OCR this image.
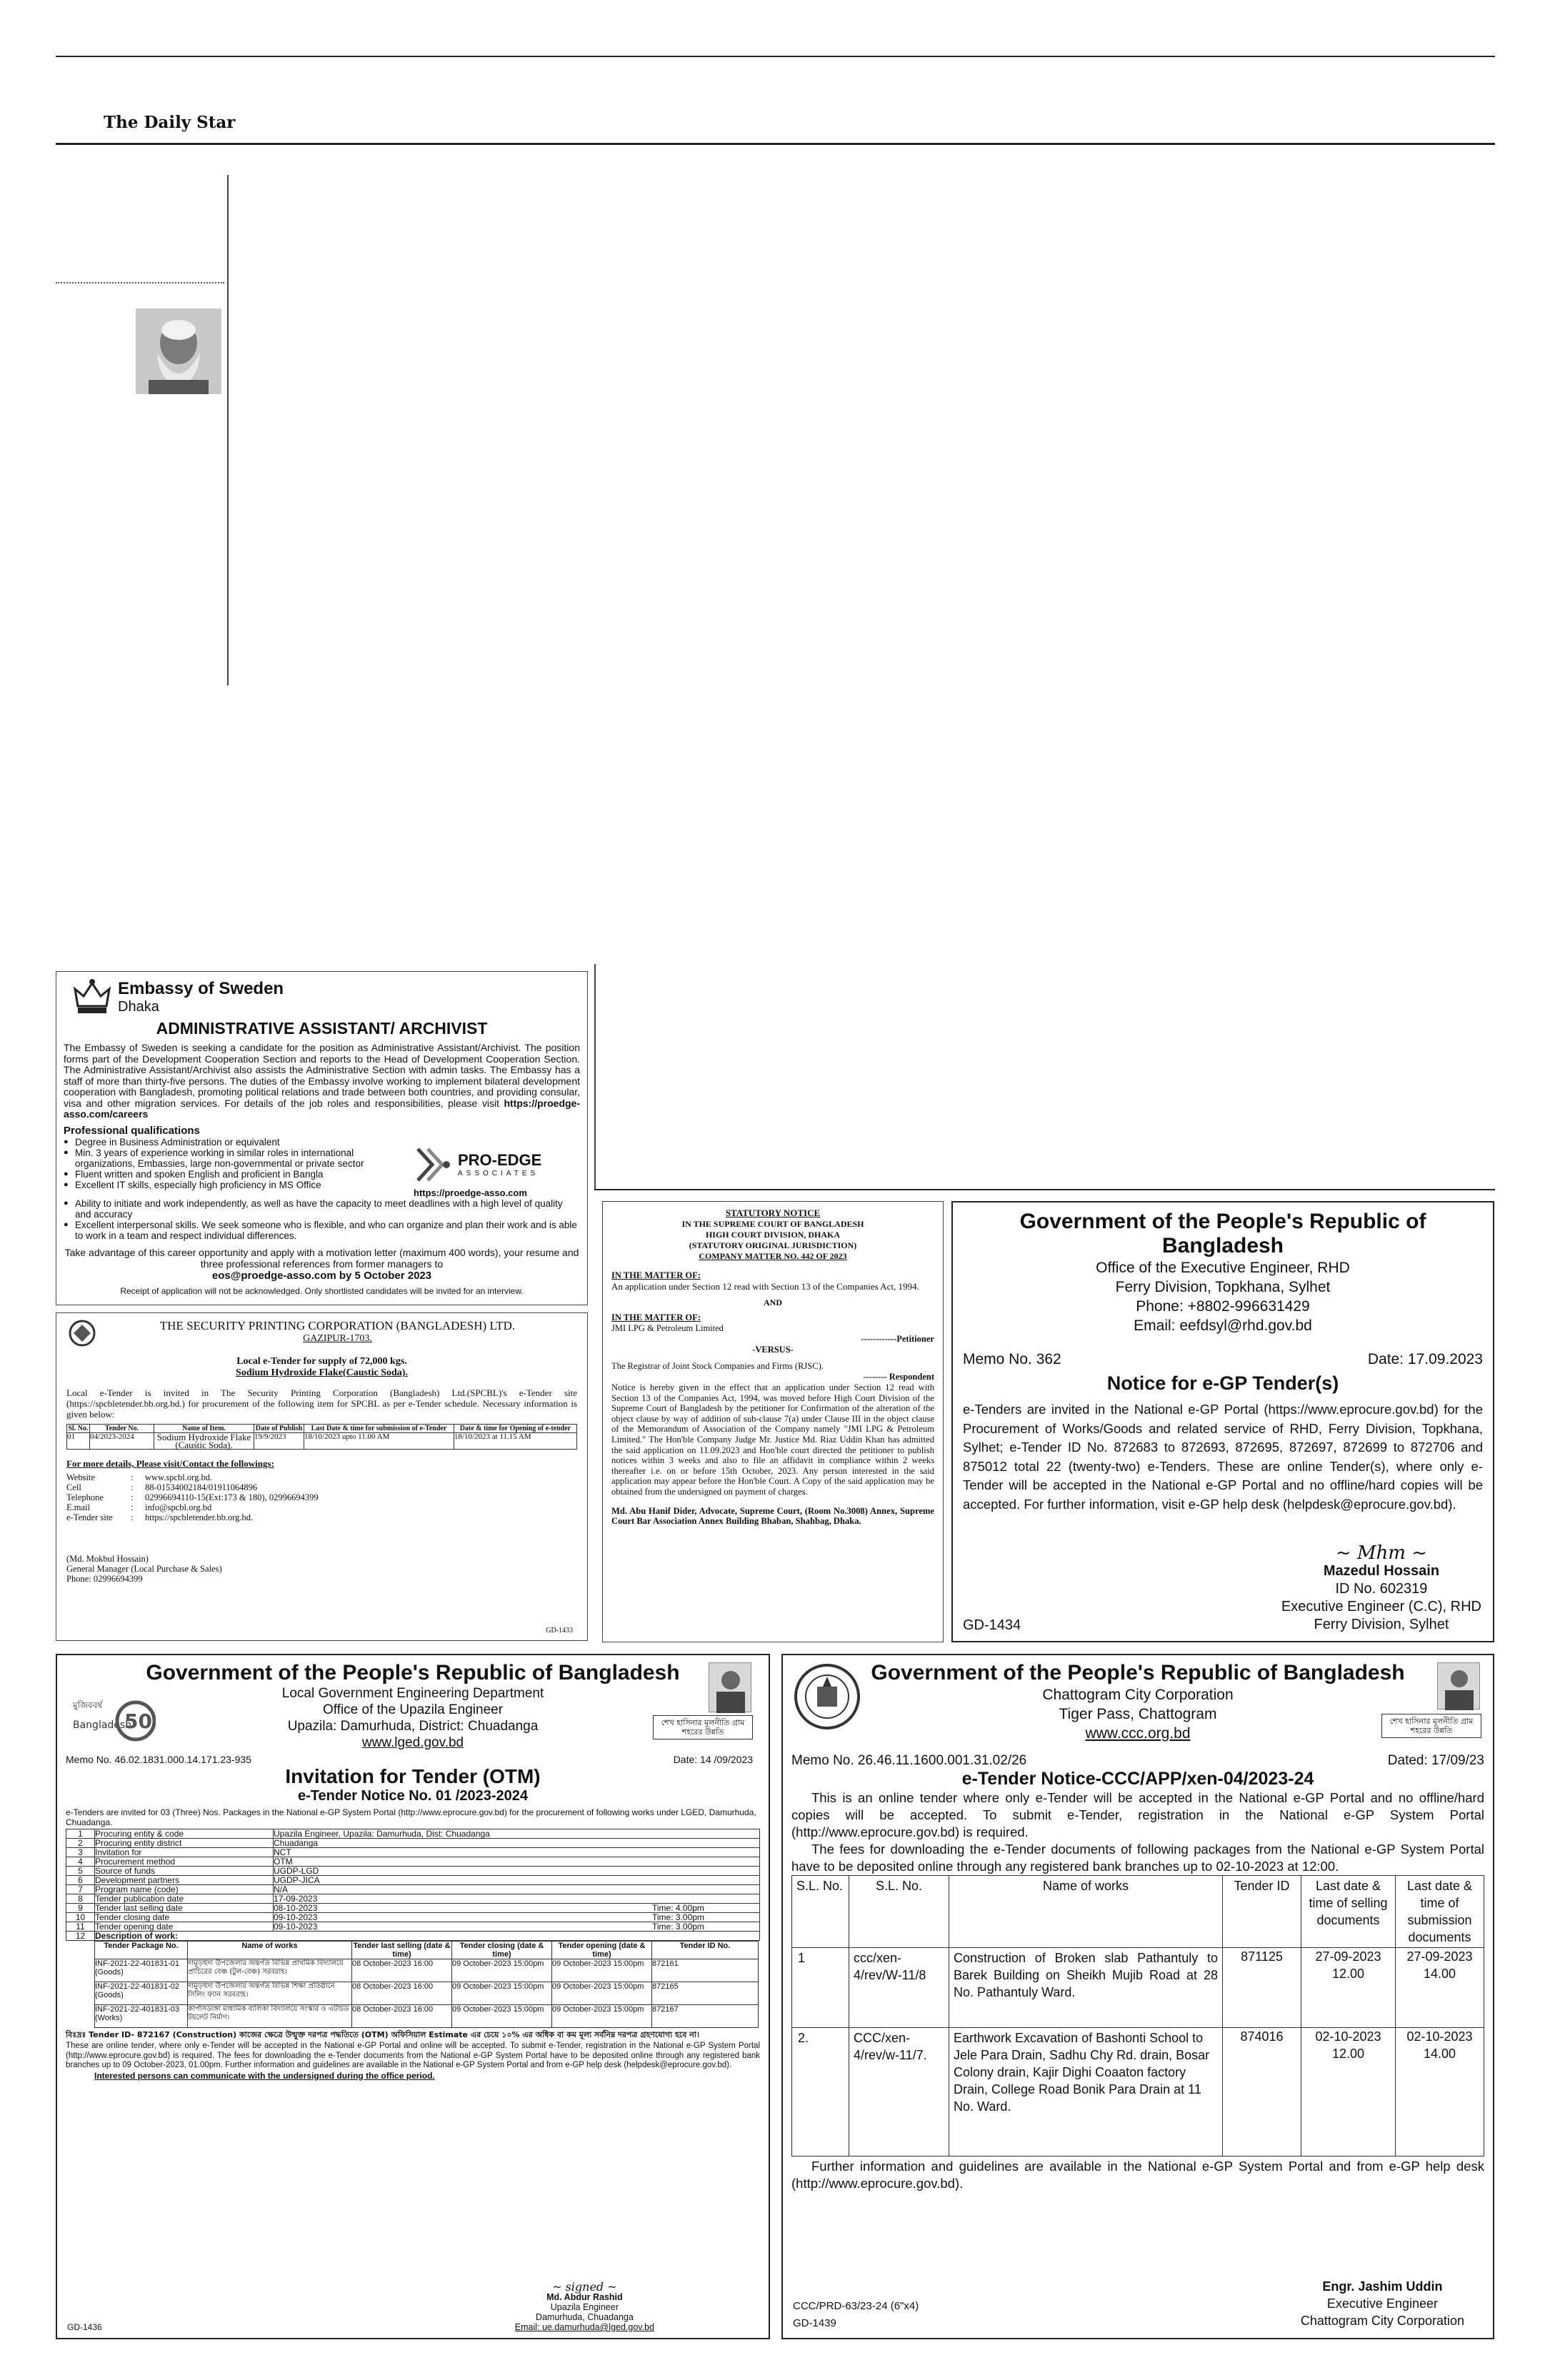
The Daily Star
Embassy of Sweden
Dhaka
ADMINISTRATIVE ASSISTANT/ ARCHIVIST
The Embassy of Sweden is seeking a candidate for the position as Administrative Assistant/Archivist. The position forms part of the Development Cooperation Section and reports to the Head of Development Cooperation Section. The Administrative Assistant/Archivist also assists the Administrative Section with admin tasks. The Embassy has a staff of more than thirty-five persons. The duties of the Embassy involve working to implement bilateral development cooperation with Bangladesh, promoting political relations and trade between both countries, and providing consular, visa and other migration services. For details of the job roles and responsibilities, please visit https://proedge-asso.com/careers
Professional qualifications
● Degree in Business Administration or equivalent
● Min. 3 years of experience working in similar roles in international organizations, Embassies, large non-governmental or private sector
● Fluent written and spoken English and proficient in Bangla
● Excellent IT skills, especially high proficiency in MS Office
PRO-EDGE
ASSOCIATES
https://proedge-asso.com
● Ability to initiate and work independently, as well as have the capacity to meet deadlines with a high level of quality and accuracy
● Excellent interpersonal skills. We seek someone who is flexible, and who can organize and plan their work and is able to work in a team and respect individual differences.
Take advantage of this career opportunity and apply with a motivation letter (maximum 400 words), your resume and three professional references from former managers to
eos@proedge-asso.com by 5 October 2023
Receipt of application will not be acknowledged. Only shortlisted candidates will be invited for an interview.
THE SECURITY PRINTING CORPORATION (BANGLADESH) LTD.
GAZIPUR-1703.
Local e-Tender for supply of 72,000 kgs.
Sodium Hydroxide Flake(Caustic Soda).
Local e-Tender is invited in The Security Printing Corporation (Bangladesh) Ltd.(SPCBL)'s e-Tender site (https://spcbletender.bb.org.bd.) for procurement of the following item for SPCBL as per e-Tender schedule. Necessary information is given below:
Sl. No.	Tender No.	Name of Item.	Date of Publish	Last Date & time for submission of e-Tender	Date & time for Opening of e-tender
01	04/2023-2024	Sodium Hydroxide Flake (Caustic Soda).	19/9/2023	18/10/2023 upto 11.00 AM	18/10/2023 at 11.15 AM
For more details, Please visit/Contact the followings:
Website	:	www.spcbl.org.bd.
Cell	:	88-01534002184/01911064896
Telephone	:	02996694110-15(Ext:173 & 180), 02996694399
E.mail	:	info@spcbl.org.bd
e-Tender site	:	https://spcbletender.bb.org.bd.
(Md. Mokbul Hossain)
General Manager (Local Purchase & Sales)
Phone: 02996694399
GD-1433
STATUTORY NOTICE
IN THE SUPREME COURT OF BANGLADESH
HIGH COURT DIVISION, DHAKA
(STATUTORY ORIGINAL JURISDICTION)
COMPANY MATTER NO. 442 OF 2023
IN THE MATTER OF:
An application under Section 12 read with Section 13 of the Companies Act, 1994.
AND
IN THE MATTER OF:
JMI LPG & Petroleum Limited
------------Petitioner
-VERSUS-
The Registrar of Joint Stock Companies and Firms (RJSC).
-------- Respondent
Notice is hereby given in the effect that an application under Section 12 read with Section 13 of the Companies Act, 1994, was moved before High Court Division of the Supreme Court of Bangladesh by the petitioner for Confirmation of the alteration of the object clause by way of addition of sub-clause 7(a) under Clause III in the object clause of the Memorandum of Association of the Company namely "JMI LPG & Petroleum Limited." The Hon'ble Company Judge Mr. Justice Md. Riaz Uddin Khan has admitted the said application on 11.09.2023 and Hon'ble court directed the petitioner to publish notices within 3 weeks and also to file an affidavit in compliance within 2 weeks thereafter i.e. on or before 15th October, 2023. Any person interested in the said application may appear before the Hon'ble Court. A Copy of the said application may be obtained from the undersigned on payment of charges.
Md. Abu Hanif Dider, Advocate, Supreme Court, (Room No.3008) Annex, Supreme Court Bar Association Annex Building Bhaban, Shahbag, Dhaka.
Government of the People's Republic of Bangladesh
Office of the Executive Engineer, RHD
Ferry Division, Topkhana, Sylhet
Phone: +8802-996631429
Email: eefdsyl@rhd.gov.bd
Memo No. 362	Date: 17.09.2023
Notice for e-GP Tender(s)
e-Tenders are invited in the National e-GP Portal (https://www.eprocure.gov.bd) for the Procurement of Works/Goods and related service of RHD, Ferry Division, Topkhana, Sylhet; e-Tender ID No. 872683 to 872693, 872695, 872697, 872699 to 872706 and 875012 total 22 (twenty-two) e-Tenders. These are online Tender(s), where only e-Tender will be accepted in the National e-GP Portal and no offline/hard copies will be accepted. For further information, visit e-GP help desk (helpdesk@eprocure.gov.bd).
~ Mhm ~
Mazedul Hossain
ID No. 602319
Executive Engineer (C.C), RHD
Ferry Division, Sylhet
GD-1434
মুজিববর্ষ
Bangladesh
50	শেখ হাসিনার মূলনীতি গ্রাম শহরের উন্নতি
Government of the People's Republic of Bangladesh
Local Government Engineering Department
Office of the Upazila Engineer
Upazila: Damurhuda, District: Chuadanga
www.lged.gov.bd
Memo No. 46.02.1831.000.14.171.23-935	Date: 14 /09/2023
Invitation for Tender (OTM)
e-Tender Notice No. 01 /2023-2024
e-Tenders are invited for 03 (Three) Nos. Packages in the National e-GP System Portal (http://www.eprocure.gov.bd) for the procurement of following works under LGED, Damurhuda, Chuadanga.
1	Procuring entity & code	Upazila Engineer, Upazila: Damurhuda, Dist: Chuadanga
2	Procuring entity district	Chuadanga
3	Invitation for	NCT
4	Procurement method	OTM
5	Source of funds	UGDP-LGD
6	Development partners	UGDP-JICA
7	Program name (code)	N/A
8	Tender publication date	17-09-2023
9	Tender last selling date	08-10-2023 Time: 4.00pm

10	Tender closing date	09-10-2023 Time: 3.00pm

11	Tender opening date	09-10-2023 Time: 3.00pm

12	Description of work:	
Tender Package No.	Name of works	Tender last selling (date & time)	Tender closing (date & time)	Tender opening (date & time)	Tender ID No.
INF-2021-22-401831-01 (Goods)	দামুড়হুদা উপজেলার অন্তর্গত বিভিন্ন প্রাথমিক বিদ্যালয়ে প্রাচিরের বেঞ্চ (টুল-বেঞ্চ) সরবরাহ।	08 October-2023 16:00	09 October-2023 15:00pm	09 October-2023 15:00pm	872161
INF-2021-22-401831-02 (Goods)	দামুড়হুদা উপজেলার অন্তর্গত বিভিন্ন শিক্ষা প্রতিষ্ঠানে সিলিং ফ্যান সরবরাহ।	08 October-2023 16:00	09 October-2023 15:00pm	09 October-2023 15:00pm	872165
INF-2021-22-401831-03 (Works)	কার্পাসডাঙ্গা মাধ্যমিক বালিকা বিদ্যালয়ে সংস্কার ও এটাচড টয়লেট নির্মাণ।	08 October-2023 16:00	09 October-2023 15:00pm	09 October-2023 15:00pm	872167
বিঃদ্রঃ Tender ID- 872167 (Construction) কাজের ক্ষেত্রে উন্মুক্ত দরপত্র পদ্ধতিতে (OTM) অফিসিয়াল Estimate এর চেয়ে ১০% এর অধিক বা কম মূল্য সর্বনিম্ন দরপত্র গ্রহণযোগ্য হবে না।
These are online tender, where only e-Tender will be accepted in the National e-GP Portal and online will be accepted. To submit e-Tender, registration in the National e-GP System Portal (http://www.eprocure.gov.bd) is required. The fees for downloading the e-Tender documents from the National e-GP System Portal have to be deposited online through any registered bank branches up to 09 October-2023, 01.00pm. Further information and guidelines are available in the National e-GP System Portal and from e-GP help desk (helpdesk@eprocure.gov.bd).
Interested persons can communicate with the undersigned during the office period.
~ signed ~
Md. Abdur Rashid
Upazila Engineer
Damurhuda, Chuadanga
Email: ue.damurhuda@lged.gov.bd
GD-1436
শেখ হাসিনার মূলনীতি গ্রাম শহরের উন্নতি
Government of the People's Republic of Bangladesh
Chattogram City Corporation
Tiger Pass, Chattogram
www.ccc.org.bd
Memo No. 26.46.11.1600.001.31.02/26	Dated: 17/09/23
e-Tender Notice-CCC/APP/xen-04/2023-24
This is an online tender where only e-Tender will be accepted in the National e-GP Portal and no offline/hard copies will be accepted. To submit e-Tender, registration in the National e-GP System Portal (http://www.eprocure.gov.bd) is required.
The fees for downloading the e-Tender documents of following packages from the National e-GP System Portal have to be deposited online through any registered bank branches up to 02-10-2023 at 12:00.
S.L. No.	S.L. No.	Name of works	Tender ID	Last date & time of selling documents	Last date & time of submission documents
1	ccc/xen-4/rev/W-11/8	Construction of Broken slab Pathantuly to Barek Building on Sheikh Mujib Road at 28 No. Pathantuly Ward.	871125	27-09-2023 12.00	27-09-2023 14.00
2.	CCC/xen-4/rev/w-11/7.	Earthwork Excavation of Bashonti School to Jele Para Drain, Sadhu Chy Rd. drain, Bosar Colony drain, Kajir Dighi Coaaton factory Drain, College Road Bonik Para Drain at 11 No. Ward.	874016	02-10-2023 12.00	02-10-2023 14.00
Further information and guidelines are available in the National e-GP System Portal and from e-GP help desk (http://www.eprocure.gov.bd).
Engr. Jashim Uddin
Executive Engineer
Chattogram City Corporation
CCC/PRD-63/23-24 (6"x4)
GD-1439
